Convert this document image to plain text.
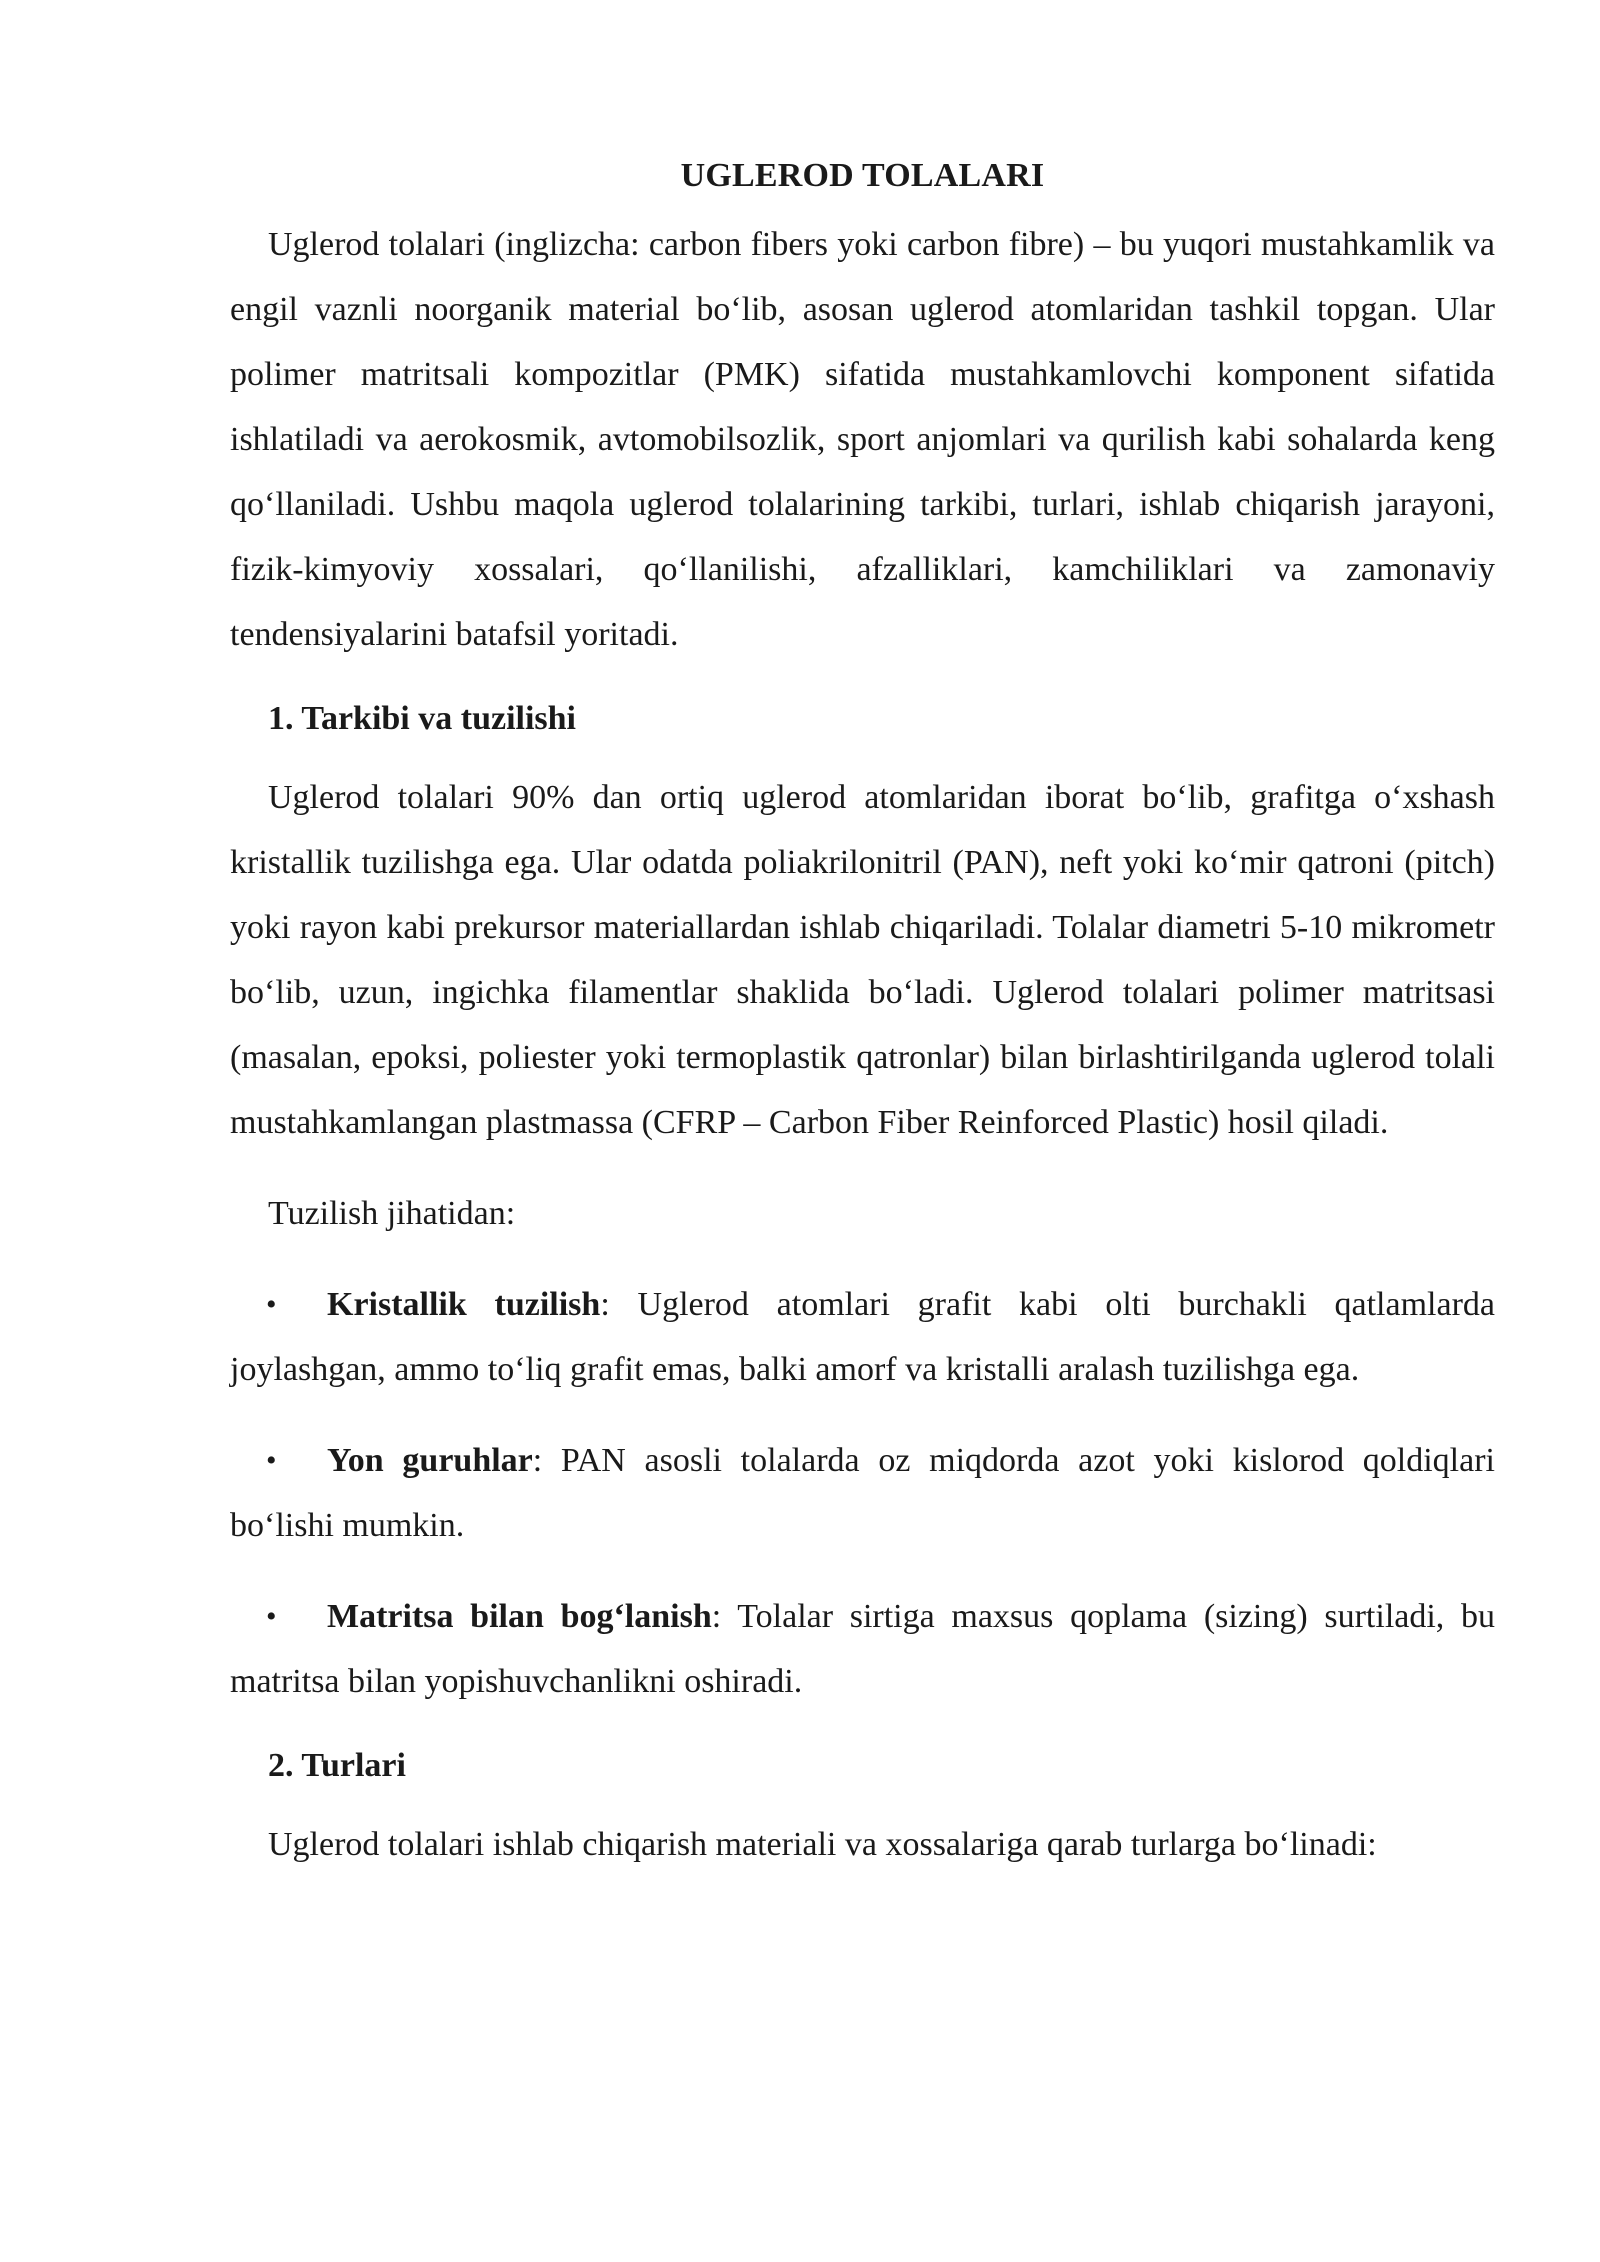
UGLEROD TOLALARI

Uglerod tolalari (inglizcha: carbon fibers yoki carbon fibre) – bu yuqori mustahkamlik va engil vaznli noorganik material bo‘lib, asosan uglerod atomlaridan tashkil topgan. Ular polimer matritsali kompozitlar (PMK) sifatida mustahkamlovchi komponent sifatida ishlatiladi va aerokosmik, avtomobilsozlik, sport anjomlari va qurilish kabi sohalarda keng qo‘llaniladi. Ushbu maqola uglerod tolalarining tarkibi, turlari, ishlab chiqarish jarayoni, fizik-kimyoviy xossalari, qo‘llanilishi, afzalliklari, kamchiliklari va zamonaviy tendensiyalarini batafsil yoritadi.

1. Tarkibi va tuzilishi

Uglerod tolalari 90% dan ortiq uglerod atomlaridan iborat bo‘lib, grafitga o‘xshash kristallik tuzilishga ega. Ular odatda poliakrilonitril (PAN), neft yoki ko‘mir qatroni (pitch) yoki rayon kabi prekursor materiallardan ishlab chiqariladi. Tolalar diametri 5-10 mikrometr bo‘lib, uzun, ingichka filamentlar shaklida bo‘ladi. Uglerod tolalari polimer matritsasi (masalan, epoksi, poliester yoki termoplastik qatronlar) bilan birlashtirilganda uglerod tolali mustahkamlangan plastmassa (CFRP – Carbon Fiber Reinforced Plastic) hosil qiladi.

Tuzilish jihatidan:

• Kristallik tuzilish: Uglerod atomlari grafit kabi olti burchakli qatlamlarda joylashgan, ammo to‘liq grafit emas, balki amorf va kristalli aralash tuzilishga ega.

• Yon guruhlar: PAN asosli tolalarda oz miqdorda azot yoki kislorod qoldiqlari bo‘lishi mumkin.

• Matritsa bilan bog‘lanish: Tolalar sirtiga maxsus qoplama (sizing) surtiladi, bu matritsa bilan yopishuvchanlikni oshiradi.

2. Turlari

Uglerod tolalari ishlab chiqarish materiali va xossalariga qarab turlarga bo‘linadi:
